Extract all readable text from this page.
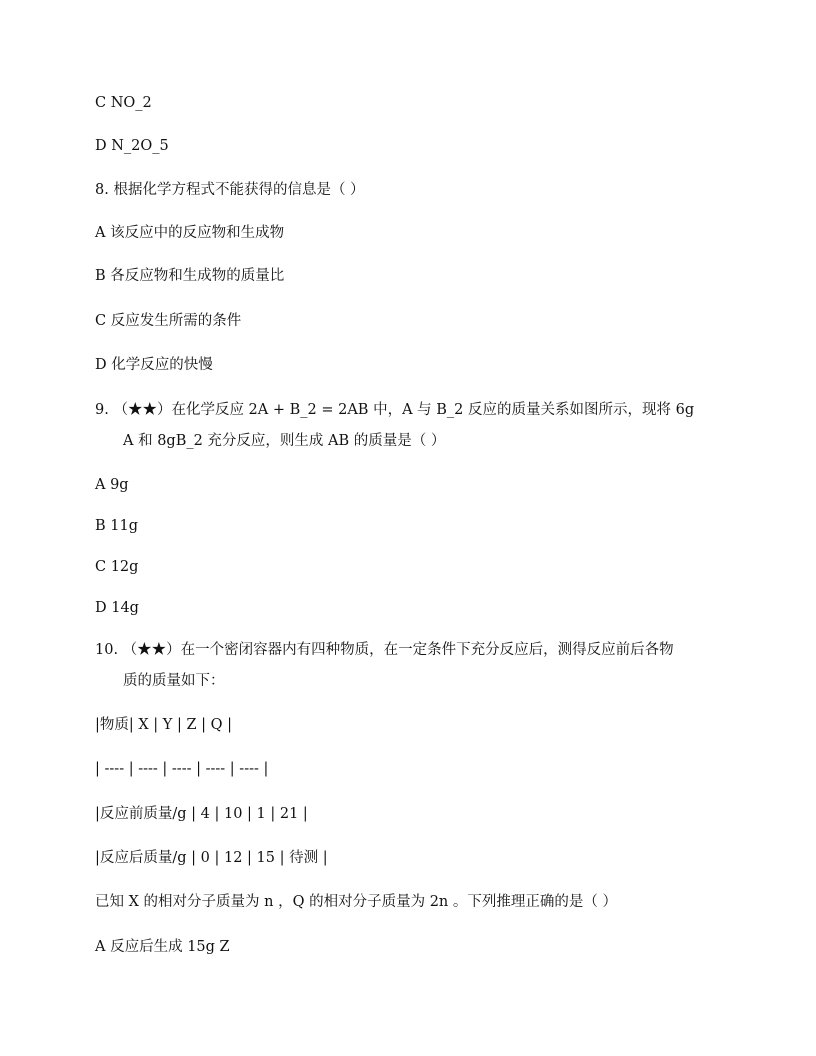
C NO_2
D N_2O_5
8. 根据化学方程式不能获得的信息是（ ）
A 该反应中的反应物和生成物
B 各反应物和生成物的质量比
C 反应发生所需的条件
D 化学反应的快慢
9. （★★）在化学反应 2A + B_2 = 2AB 中，A 与 B_2 反应的质量关系如图所示，现将 6g
A 和 8gB_2 充分反应，则生成 AB 的质量是（ ）
A 9g
B 11g
C 12g
D 14g
10. （★★）在一个密闭容器内有四种物质，在一定条件下充分反应后，测得反应前后各物
质的质量如下：
|物质| X | Y | Z | Q |
| ---- | ---- | ---- | ---- | ---- |
|反应前质量/g | 4 | 10 | 1 | 21 |
|反应后质量/g | 0 | 12 | 15 | 待测 |
已知 X 的相对分子质量为 n ，Q 的相对分子质量为 2n 。下列推理正确的是（ ）
A 反应后生成 15g Z
